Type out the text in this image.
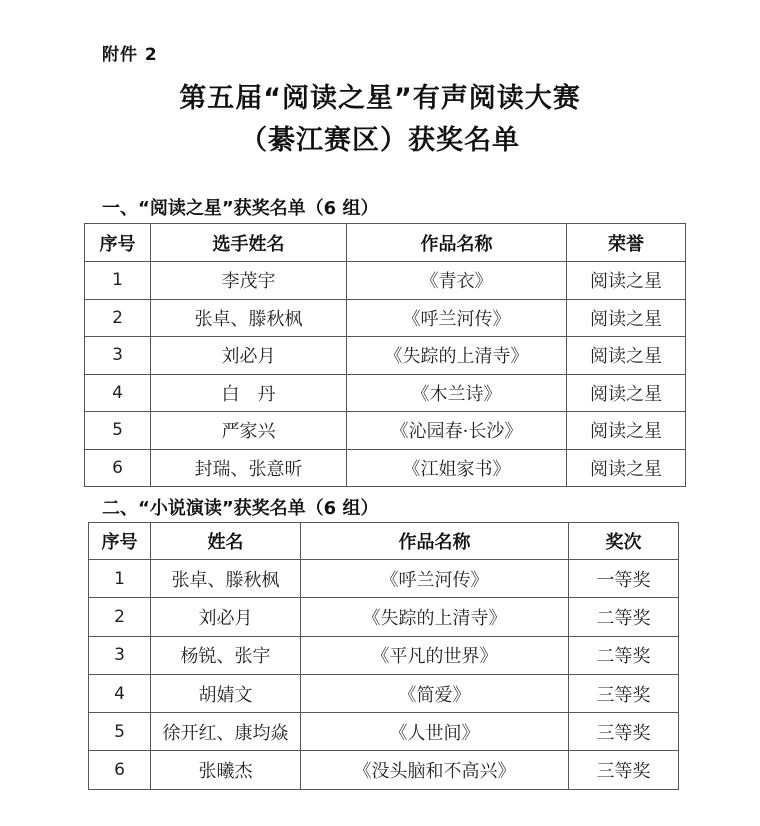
附件 2
第五届“阅读之星”有声阅读大赛
（綦江赛区）获奖名单
一、“阅读之星”获奖名单（6 组）
序号	选手姓名	作品名称	荣誉
1	李茂宇	《青衣》	阅读之星
2	张卓、滕秋枫	《呼兰河传》	阅读之星
3	刘必月	《失踪的上清寺》	阅读之星
4	白　丹	《木兰诗》	阅读之星
5	严家兴	《沁园春·长沙》	阅读之星
6	封瑞、张意昕	《江姐家书》	阅读之星
二、“小说演读”获奖名单（6 组）
序号	姓名	作品名称	奖次
1	张卓、滕秋枫	《呼兰河传》	一等奖
2	刘必月	《失踪的上清寺》	二等奖
3	杨锐、张宇	《平凡的世界》	二等奖
4	胡婧文	《简爱》	三等奖
5	徐开红、康均焱	《人世间》	三等奖
6	张曦杰	《没头脑和不高兴》	三等奖
